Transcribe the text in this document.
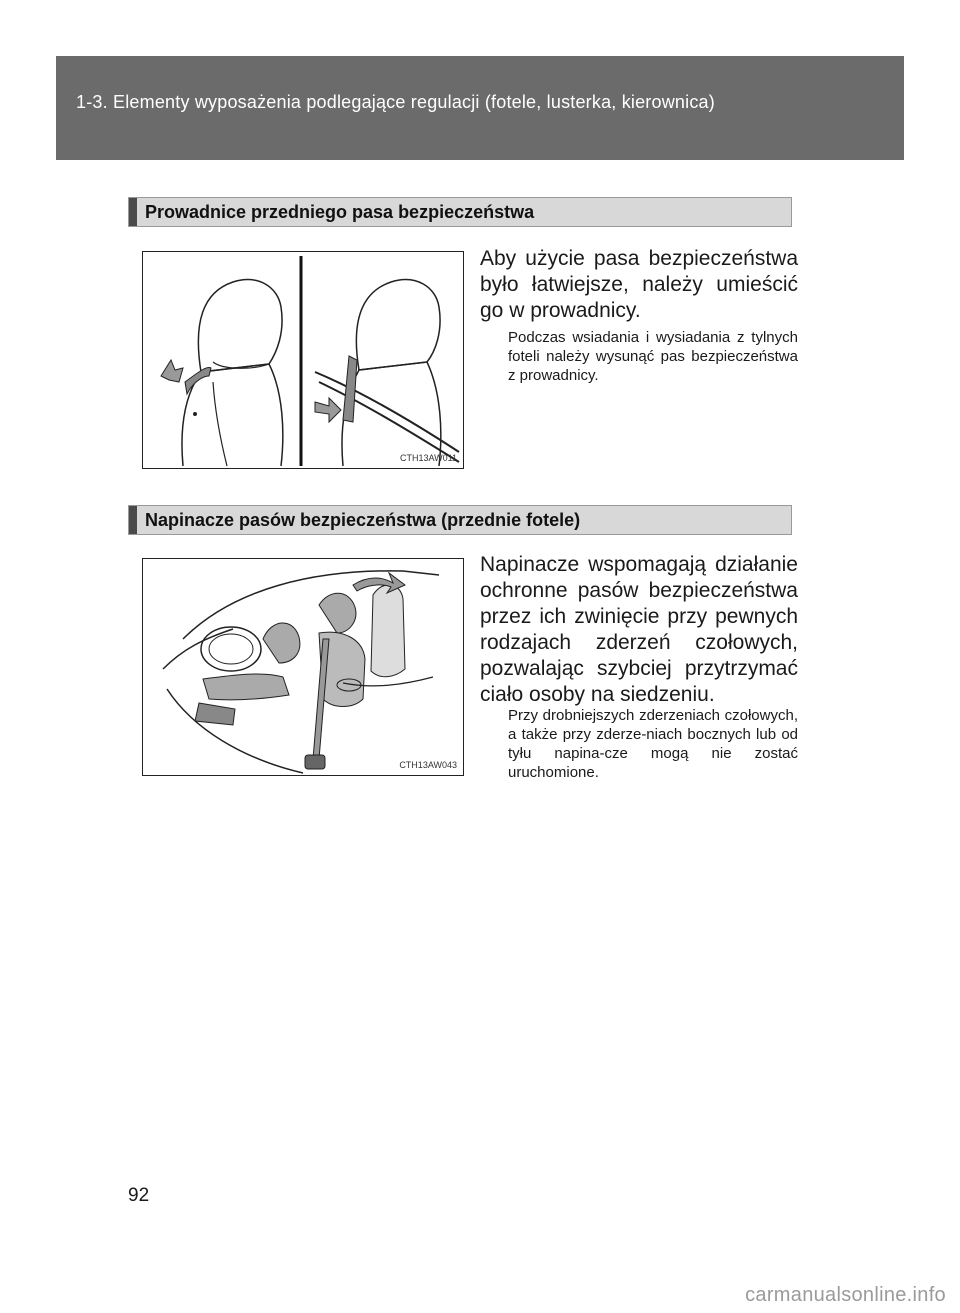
1-3. Elementy wyposażenia podlegające regulacji (fotele, lusterka, kierownica)
Prowadnice przedniego pasa bezpieczeństwa
CTH13AW011
Aby użycie pasa bezpieczeństwa było łatwiejsze, należy umieścić go w prowadnicy.
Podczas wsiadania i wysiadania z tylnych foteli należy wysunąć pas bezpieczeństwa z prowadnicy.
Napinacze pasów bezpieczeństwa (przednie fotele)
CTH13AW043
Napinacze wspomagają działanie ochronne pasów bezpieczeństwa przez ich zwinięcie przy pewnych rodzajach zderzeń czołowych, pozwalając szybciej przytrzymać ciało osoby na siedzeniu.
Przy drobniejszych zderzeniach czołowych, a także przy zderze-niach bocznych lub od tyłu napina-cze mogą nie zostać uruchomione.
92
carmanualsonline.info
